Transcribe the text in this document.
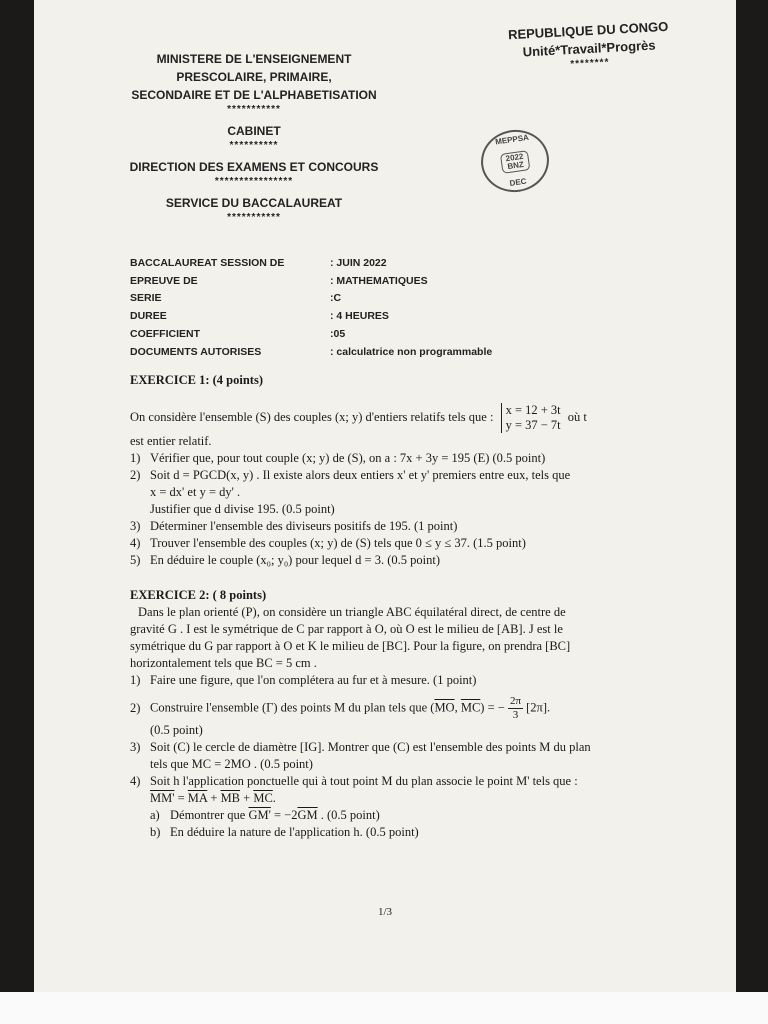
MINISTERE DE L'ENSEIGNEMENT
PRESCOLAIRE, PRIMAIRE,
SECONDAIRE ET DE L'ALPHABETISATION
***********
CABINET
**********
DIRECTION DES EXAMENS ET CONCOURS
****************
SERVICE DU BACCALAUREAT
***********
REPUBLIQUE DU CONGO
Unité*Travail*Progrès
********
MEPPSA
2022
BNZ
DEC
BACCALAUREAT SESSION DE	: JUIN 2022
EPREUVE DE	: MATHEMATIQUES
SERIE	:C
DUREE	: 4 HEURES
COEFFICIENT	:05
DOCUMENTS AUTORISES	: calculatrice non programmable
EXERCICE 1: (4 points)
On considère l'ensemble (S) des couples (x; y) d'entiers relatifs tels que : x = 12 + 3t
y = 37 − 7t
où t
est entier relatif.
1) Vérifier que, pour tout couple (x; y) de (S), on a : 7x + 3y = 195 (E) (0.5 point)
2) Soit d = PGCD(x, y) . Il existe alors deux entiers x' et y' premiers entre eux, tels que
x = dx' et y = dy' .
Justifier que d divise 195. (0.5 point)
3) Déterminer l'ensemble des diviseurs positifs de 195. (1 point)
4) Trouver l'ensemble des couples (x; y) de (S) tels que 0 ≤ y ≤ 37. (1.5 point)
5) En déduire le couple (x₀; y₀) pour lequel d = 3. (0.5 point)
EXERCICE 2: ( 8 points)
Dans le plan orienté (P), on considère un triangle ABC équilatéral direct, de centre de
gravité G . I est le symétrique de C par rapport à O, où O est le milieu de [AB]. J est le
symétrique du G par rapport à O et K le milieu de [BC]. Pour la figure, on prendra [BC]
horizontalement tels que BC = 5 cm .
1) Faire une figure, que l'on complétera au fur et à mesure. (1 point)
2) Construire l'ensemble (Γ) des points M du plan tels que ($\overline{MO}$, $\overline{MC}$) = − $\frac{2\pi}{3} [2\pi]$.
(0.5 point)
3) Soit (C) le cercle de diamètre [IG]. Montrer que (C) est l'ensemble des points M du plan
tels que MC = 2MO . (0.5 point)
4) Soit h l'application ponctuelle qui à tout point M du plan associe le point M' tels que :
$MM' = \overline{MA} + \overline{MB} + \overline{MC}$.
a) Démontrer que $GM' = -2\overline{GM}$ . (0.5 point)
b) En déduire la nature de l'application h. (0.5 point)
1/3
